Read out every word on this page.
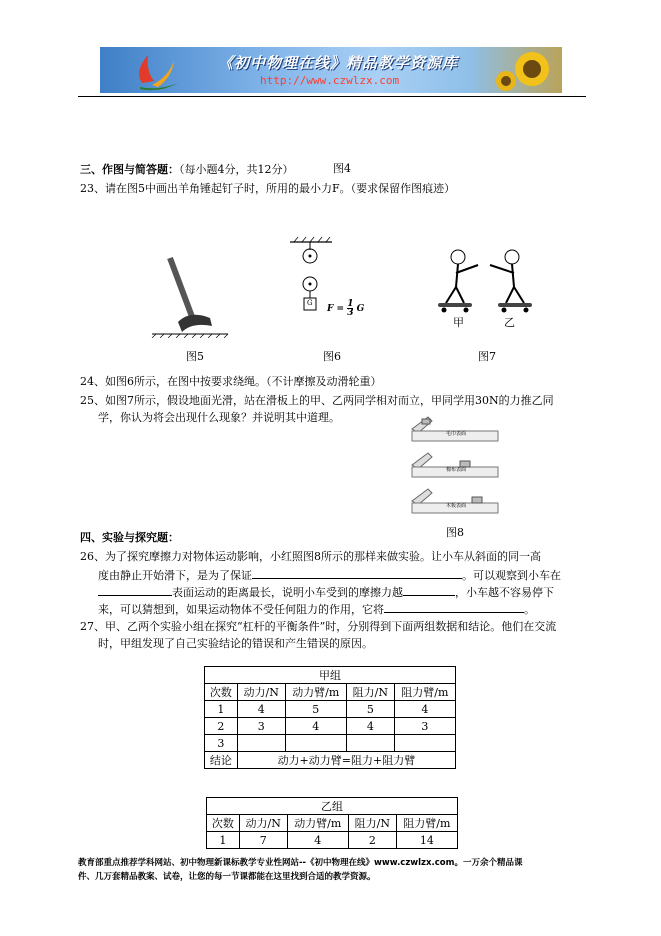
《初中物理在线》精品教学资源库
http://www.czwlzx.com
三、作图与简答题：（每小题4分，共12分）	图4
23、请在图5中画出羊角锤起钉子时，所用的最小力F。（要求保留作图痕迹）
图5
G
$F = \frac{1}{3}$ G
图6
甲	乙
图7
24、如图6所示，在图中按要求绕绳。（不计摩擦及动滑轮重）
25、如图7所示，假设地面光滑，站在滑板上的甲、乙两同学相对而立，甲同学用30N的力推乙同
学，你认为将会出现什么现象？并说明其中道理。
毛巾表面
棉布表面
木板表面
图8
四、实验与探究题：
26、为了探究摩擦力对物体运动影响，小红照图8所示的那样来做实验。让小车从斜面的同一高
度由静止开始滑下，是为了保证	。可以观察到小车在
表面运动的距离最长，说明小车受到的摩擦力越	，小车越不容易停下
来，可以猜想到，如果运动物体不受任何阻力的作用，它将	。
27、甲、乙两个实验小组在探究“杠杆的平衡条件”时，分别得到下面两组数据和结论。他们在交流
时，甲组发现了自己实验结论的错误和产生错误的原因。
甲组				
次数	动力/N	动力臂/m	阻力/N	阻力臂/m
1	4	5	5	4
2	3	4	4	3
3				
结论	动力+动力臂=阻力+阻力臂			
乙组				
次数	动力/N	动力臂/m	阻力/N	阻力臂/m
1	7	4	2	14
教育部重点推荐学科网站、初中物理新课标教学专业性网站--《初中物理在线》www.czwlzx.com。一万余个精品课
件、几万套精品教案、试卷，让您的每一节课都能在这里找到合适的教学资源。
